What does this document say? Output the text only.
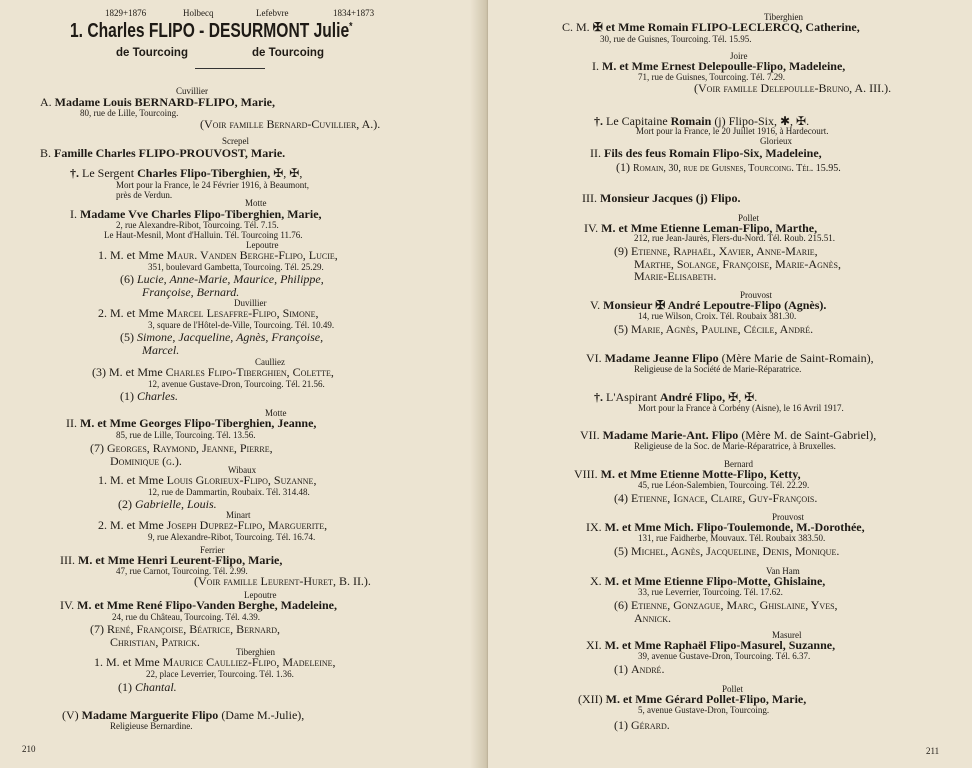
1829+1876	Holbecq	Lefebvre	1834+1873
1. Charles FLIPO - DESURMONT Julie*
de Tourcoing	de Tourcoing
Cuvillier
A. Madame Louis BERNARD-FLIPO, Marie,
80, rue de Lille, Tourcoing.
(Voir famille Bernard-Cuvillier, A.).
Screpel
B. Famille Charles FLIPO-PROUVOST, Marie.
†. Le Sergent Charles Flipo-Tiberghien, ✠, ✠,
Mort pour la France, le 24 Février 1916, à Beaumont,
près de Verdun.
Motte
I. Madame Vve Charles Flipo-Tiberghien, Marie,
2, rue Alexandre-Ribot, Tourcoing. Tél. 7.15.
Le Haut-Mesnil, Mont d'Halluin. Tél. Tourcoing 11.76.
Lepoutre
1. M. et Mme Maur. Vanden Berghe-Flipo, Lucie,
351, boulevard Gambetta, Tourcoing. Tél. 25.29.
(6) Lucie, Anne-Marie, Maurice, Philippe,
Françoise, Bernard.
Duvillier
2. M. et Mme Marcel Lesaffre-Flipo, Simone,
3, square de l'Hôtel-de-Ville, Tourcoing. Tél. 10.49.
(5) Simone, Jacqueline, Agnès, Françoise,
Marcel.
Caulliez
(3) M. et Mme Charles Flipo-Tiberghien, Colette,
12, avenue Gustave-Dron, Tourcoing. Tél. 21.56.
(1) Charles.
Motte
II. M. et Mme Georges Flipo-Tiberghien, Jeanne,
85, rue de Lille, Tourcoing. Tél. 13.56.
(7) Georges, Raymond, Jeanne, Pierre,
Dominique (g.).
Wibaux
1. M. et Mme Louis Glorieux-Flipo, Suzanne,
12, rue de Dammartin, Roubaix. Tél. 314.48.
(2) Gabrielle, Louis.
Minart
2. M. et Mme Joseph Duprez-Flipo, Marguerite,
9, rue Alexandre-Ribot, Tourcoing. Tél. 16.74.
Ferrier
III. M. et Mme Henri Leurent-Flipo, Marie,
47, rue Carnot, Tourcoing. Tél. 2.99.
(Voir famille Leurent-Huret, B. II.).
Lepoutre
IV. M. et Mme René Flipo-Vanden Berghe, Madeleine,
24, rue du Château, Tourcoing. Tél. 4.39.
(7) René, Françoise, Béatrice, Bernard,
Christian, Patrick.
Tiberghien
1. M. et Mme Maurice Caulliez-Flipo, Madeleine,
22, place Leverrier, Tourcoing. Tél. 1.36.
(1) Chantal.
(V) Madame Marguerite Flipo (Dame M.-Julie),
Religieuse Bernardine.
210
Tiberghien
C. M. ✠ et Mme Romain FLIPO-LECLERCQ, Catherine,
30, rue de Guisnes, Tourcoing. Tél. 15.95.
Joire
I. M. et Mme Ernest Delepoulle-Flipo, Madeleine,
71, rue de Guisnes, Tourcoing. Tél. 7.29.
(Voir famille Delepoulle-Bruno, A. III.).
†. Le Capitaine Romain (j) Flipo-Six, ✱, ✠.
Mort pour la France, le 20 Juillet 1916, à Hardecourt.
Glorieux
II. Fils des feus Romain Flipo-Six, Madeleine,
(1) Romain, 30, rue de Guisnes, Tourcoing. Tél. 15.95.
III. Monsieur Jacques (j) Flipo.
Pollet
IV. M. et Mme Etienne Leman-Flipo, Marthe,
212, rue Jean-Jaurès, Flers-du-Nord. Tél. Roub. 215.51.
(9) Etienne, Raphaël, Xavier, Anne-Marie,
Marthe, Solange, Françoise, Marie-Agnès,
Marie-Elisabeth.
Prouvost
V. Monsieur ✠ André Lepoutre-Flipo (Agnès).
14, rue Wilson, Croix. Tél. Roubaix 381.30.
(5) Marie, Agnès, Pauline, Cécile, André.
VI. Madame Jeanne Flipo (Mère Marie de Saint-Romain),
Religieuse de la Société de Marie-Réparatrice.
†. L'Aspirant André Flipo, ✠, ✠.
Mort pour la France à Corbény (Aisne), le 16 Avril 1917.
VII. Madame Marie-Ant. Flipo (Mère M. de Saint-Gabriel),
Religieuse de la Soc. de Marie-Réparatrice, à Bruxelles.
Bernard
VIII. M. et Mme Etienne Motte-Flipo, Ketty,
45, rue Léon-Salembien, Tourcoing. Tél. 22.29.
(4) Etienne, Ignace, Claire, Guy-François.
Prouvost
IX. M. et Mme Mich. Flipo-Toulemonde, M.-Dorothée,
131, rue Faidherbe, Mouvaux. Tél. Roubaix 383.50.
(5) Michel, Agnès, Jacqueline, Denis, Monique.
Van Ham
X. M. et Mme Etienne Flipo-Motte, Ghislaine,
33, rue Leverrier, Tourcoing. Tél. 17.62.
(6) Etienne, Gonzague, Marc, Ghislaine, Yves,
Annick.
Masurel
XI. M. et Mme Raphaël Flipo-Masurel, Suzanne,
39, avenue Gustave-Dron, Tourcoing. Tél. 6.37.
(1) André.
Pollet
(XII) M. et Mme Gérard Pollet-Flipo, Marie,
5, avenue Gustave-Dron, Tourcoing.
(1) Gérard.
211
